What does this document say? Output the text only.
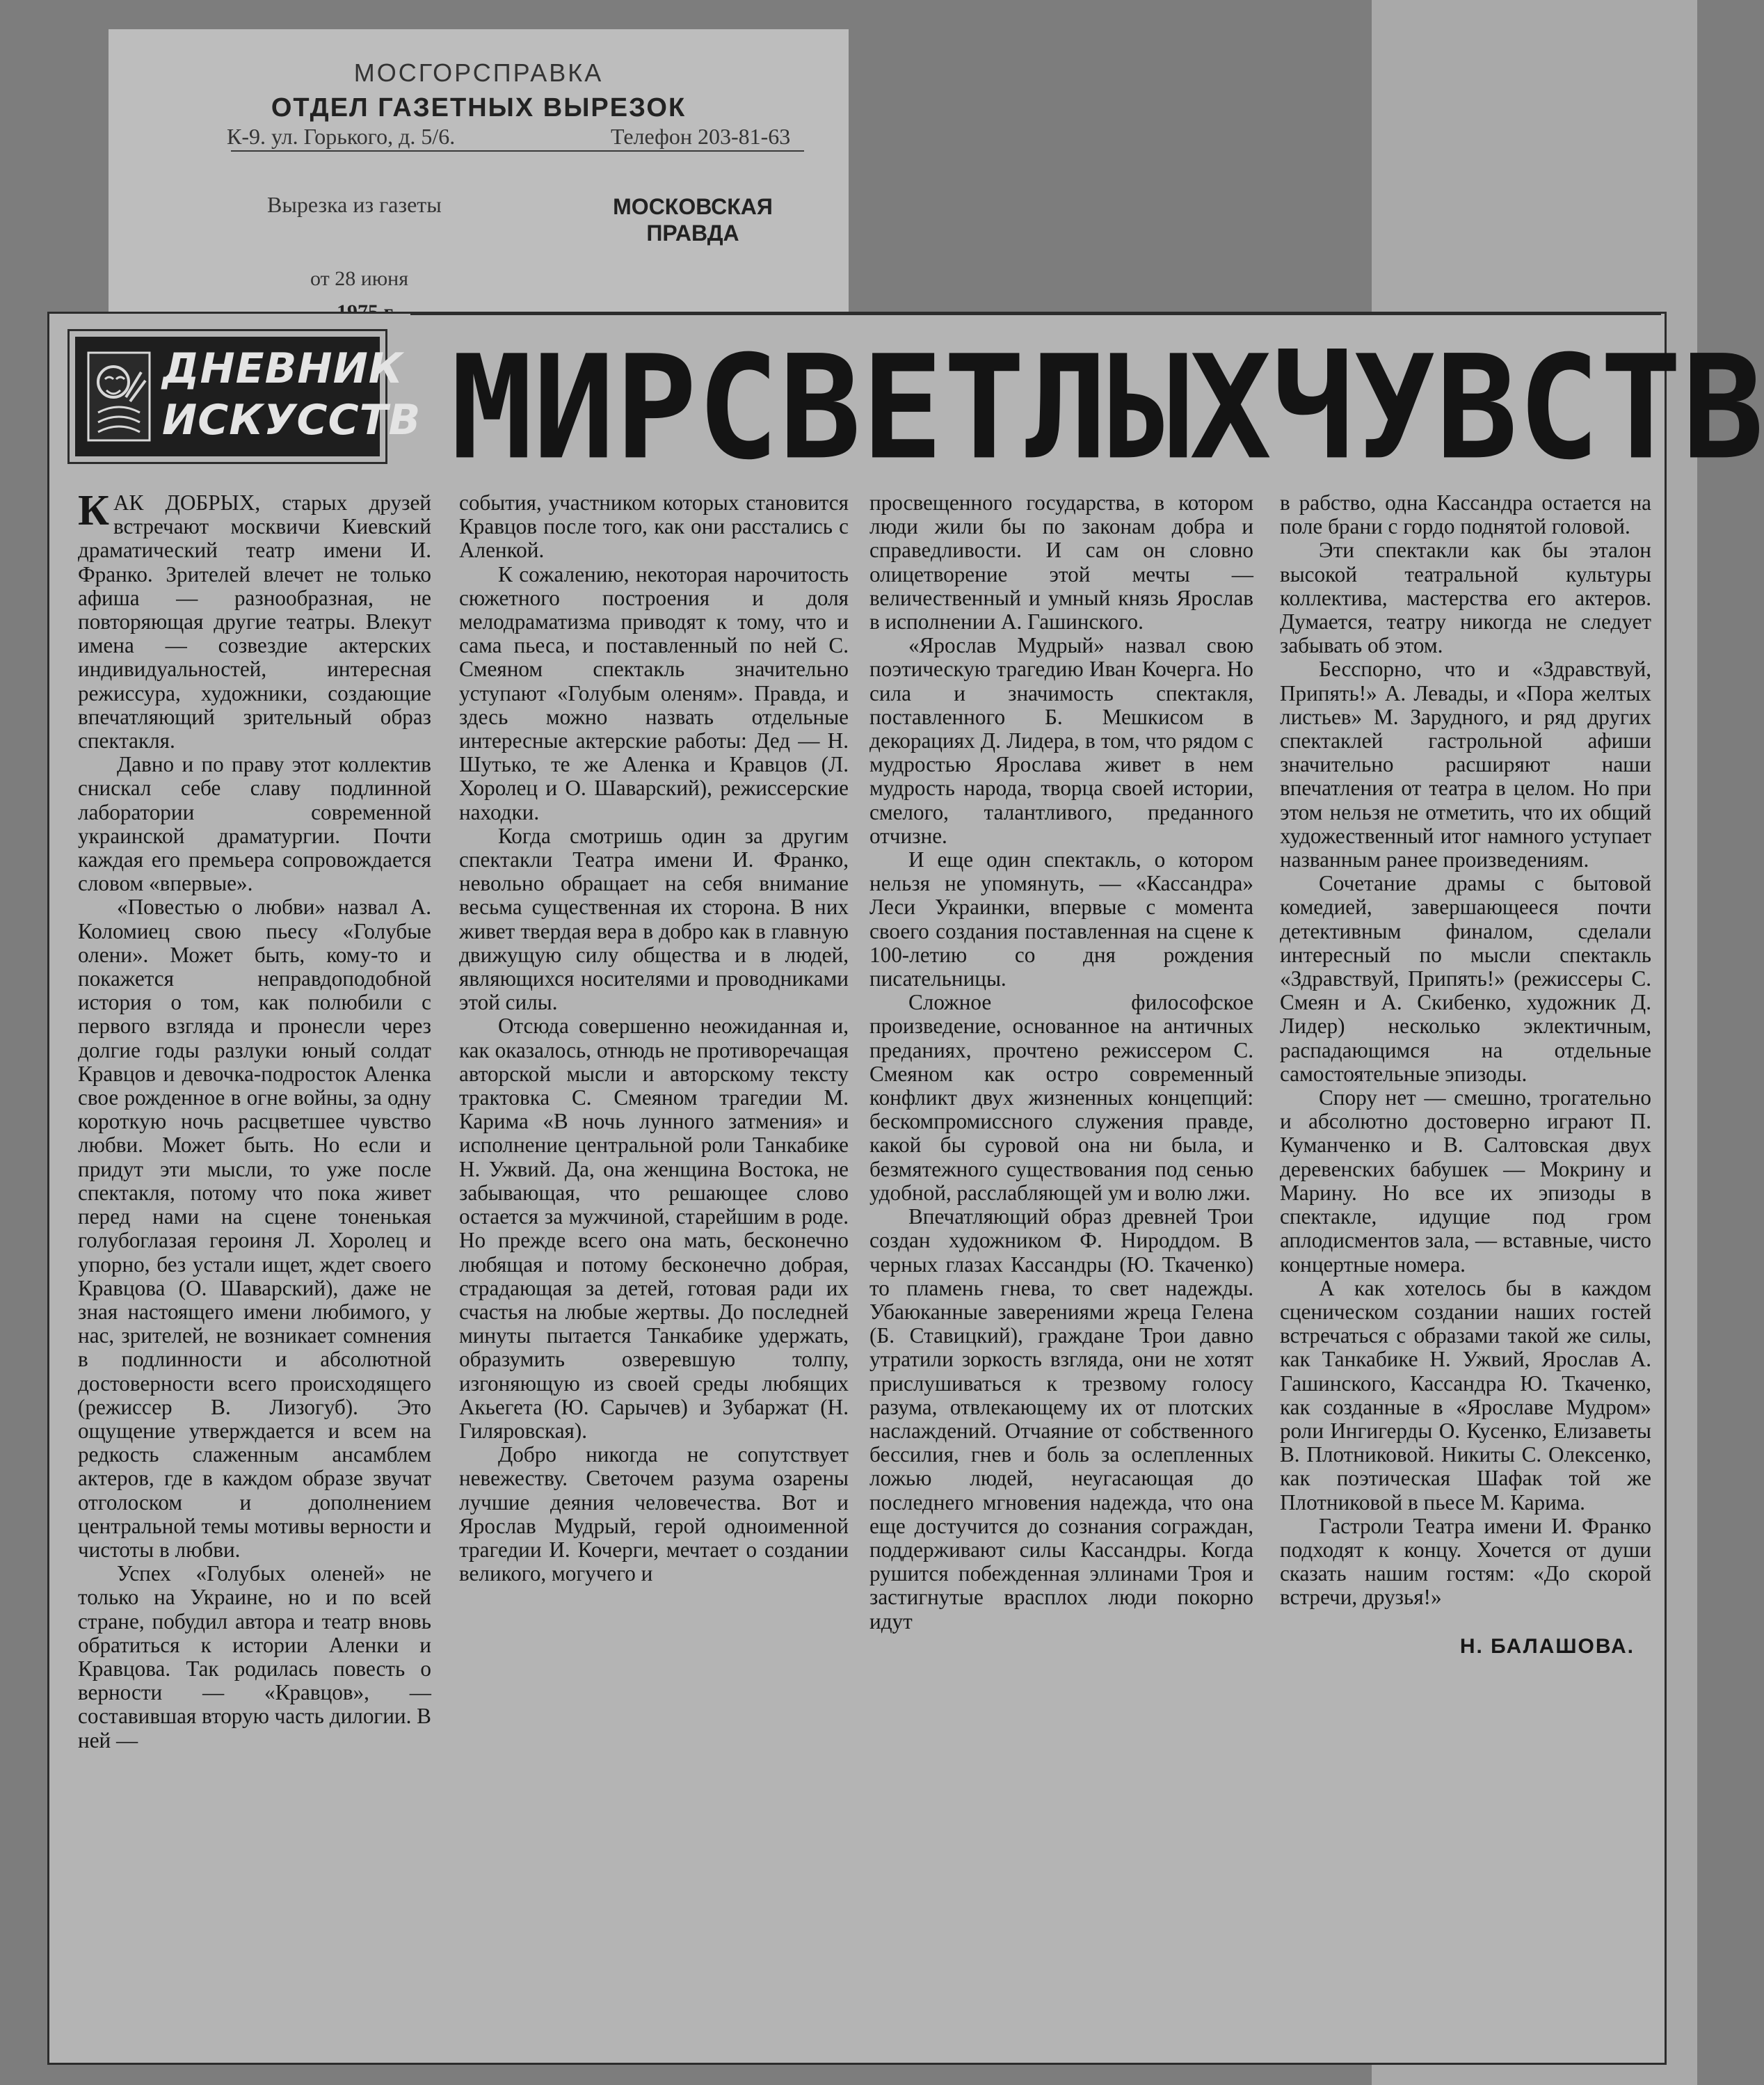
МОСГОРСПРАВКА
ОТДЕЛ ГАЗЕТНЫХ ВЫРЕЗОК
К-9. ул. Горького, д. 5/6.	Телефон 203-81-63
Вырезка из газеты	МОСКОВСКАЯ ПРАВДА
от 28 июня
ДНЕВНИК
ИСКУССТВ МИР СВЕТЛЫХ ЧУВСТВ

КАК ДОБРЫХ, старых друзей встречают москвичи Киевский драматический театр имени И. Франко. Зрителей влечет не только афиша — разнообразная, не повторяющая другие театры. Влекут имена — созвездие актерских индивидуальностей, интересная режиссура, художники, создающие впечатляющий зрительный образ спектакля.

Давно и по праву этот коллектив снискал себе славу подлинной лаборатории современной украинской драматургии. Почти каждая его премьера сопровождается словом «впервые».

«Повестью о любви» назвал А. Коломиец свою пьесу «Голубые олени». Может быть, кому-то и покажется неправдоподобной история о том, как полюбили с первого взгляда и пронесли через долгие годы разлуки юный солдат Кравцов и девочка-подросток Аленка свое рожденное в огне войны, за одну короткую ночь расцветшее чувство любви. Может быть. Но если и придут эти мысли, то уже после спектакля, потому что пока живет перед нами на сцене тоненькая голубоглазая героиня Л. Хоролец и упорно, без устали ищет, ждет своего Кравцова (О. Шаварский), даже не зная настоящего имени любимого, у нас, зрителей, не возникает сомнения в подлинности и абсолютной достоверности всего происходящего (режиссер В. Лизогуб). Это ощущение утверждается и всем на редкость слаженным ансамблем актеров, где в каждом образе звучат отголоском и дополнением центральной темы мотивы верности и чистоты в любви.

Успех «Голубых оленей» не только на Украине, но и по всей стране, побудил автора и театр вновь обратиться к истории Аленки и Кравцова. Так родилась повесть о верности — «Кравцов», — составившая вторую часть дилогии. В ней —

события, участником которых становится Кравцов после того, как они расстались с Аленкой.

К сожалению, некоторая нарочитость сюжетного построения и доля мелодраматизма приводят к тому, что и сама пьеса, и поставленный по ней С. Смеяном спектакль значительно уступают «Голубым оленям». Правда, и здесь можно назвать отдельные интересные актерские работы: Дед — Н. Шутько, те же Аленка и Кравцов (Л. Хоролец и О. Шаварский), режиссерские находки.

Когда смотришь один за другим спектакли Театра имени И. Франко, невольно обращает на себя внимание весьма существенная их сторона. В них живет твердая вера в добро как в главную движущую силу общества и в людей, являющихся носителями и проводниками этой силы.

Отсюда совершенно неожиданная и, как оказалось, отнюдь не противоречащая авторской мысли и авторскому тексту трактовка С. Смеяном трагедии М. Карима «В ночь лунного затмения» и исполнение центральной роли Танкабике Н. Ужвий. Да, она женщина Востока, не забывающая, что решающее слово остается за мужчиной, старейшим в роде. Но прежде всего она мать, бесконечно любящая и потому бесконечно добрая, страдающая за детей, готовая ради их счастья на любые жертвы. До последней минуты пытается Танкабике удержать, образумить озверевшую толпу, изгоняющую из своей среды любящих Акьегета (Ю. Сарычев) и Зубаржат (Н. Гиляровская).

Добро никогда не сопутствует невежеству. Светочем разума озарены лучшие деяния человечества. Вот и Ярослав Мудрый, герой одноименной трагедии И. Кочерги, мечтает о создании великого, могучего и

просвещенного государства, в котором люди жили бы по законам добра и справедливости. И сам он словно олицетворение этой мечты — величественный и умный князь Ярослав в исполнении А. Гашинского.

«Ярослав Мудрый» назвал свою поэтическую трагедию Иван Кочерга. Но сила и значимость спектакля, поставленного Б. Мешкисом в декорациях Д. Лидера, в том, что рядом с мудростью Ярослава живет в нем мудрость народа, творца своей истории, смелого, талантливого, преданного отчизне.

И еще один спектакль, о котором нельзя не упомянуть, — «Кассандра» Леси Украинки, впервые с момента своего создания поставленная на сцене к 100-летию со дня рождения писательницы.

Сложное философское произведение, основанное на античных преданиях, прочтено режиссером С. Смеяном как остро современный конфликт двух жизненных концепций: бескомпромиссного служения правде, какой бы суровой она ни была, и безмятежного существования под сенью удобной, расслабляющей ум и волю лжи.

Впечатляющий образ древней Трои создан художником Ф. Нироддом. В черных глазах Кассандры (Ю. Ткаченко) то пламень гнева, то свет надежды. Убаюканные заверениями жреца Гелена (Б. Ставицкий), граждане Трои давно утратили зоркость взгляда, они не хотят прислушиваться к трезвому голосу разума, отвлекающему их от плотских наслаждений. Отчаяние от собственного бессилия, гнев и боль за ослепленных ложью людей, неугасающая до последнего мгновения надежда, что она еще достучится до сознания сограждан, поддерживают силы Кассандры. Когда рушится побежденная эллинами Троя и застигнутые врасплох люди покорно идут

в рабство, одна Кассандра остается на поле брани с гордо поднятой головой.

Эти спектакли как бы эталон высокой театральной культуры коллектива, мастерства его актеров. Думается, театру никогда не следует забывать об этом.

Бесспорно, что и «Здравствуй, Припять!» А. Левады, и «Пора желтых листьев» М. Зарудного, и ряд других спектаклей гастрольной афиши значительно расширяют наши впечатления от театра в целом. Но при этом нельзя не отметить, что их общий художественный итог намного уступает названным ранее произведениям.

Сочетание драмы с бытовой комедией, завершающееся почти детективным финалом, сделали интересный по мысли спектакль «Здравствуй, Припять!» (режиссеры С. Смеян и А. Скибенко, художник Д. Лидер) несколько эклектичным, распадающимся на отдельные самостоятельные эпизоды.

Спору нет — смешно, трогательно и абсолютно достоверно играют П. Куманченко и В. Салтовская двух деревенских бабушек — Мокрину и Марину. Но все их эпизоды в спектакле, идущие под гром аплодисментов зала, — вставные, чисто концертные номера.

А как хотелось бы в каждом сценическом создании наших гостей встречаться с образами такой же силы, как Танкабике Н. Ужвий, Ярослав А. Гашинского, Кассандра Ю. Ткаченко, как созданные в «Ярославе Мудром» роли Ингигерды О. Кусенко, Елизаветы В. Плотниковой. Никиты С. Олексенко, как поэтическая Шафак той же Плотниковой в пьесе М. Карима.

Гастроли Театра имени И. Франко подходят к концу. Хочется от души сказать нашим гостям: «До скорой встречи, друзья!»

Н. БАЛАШОВА.
